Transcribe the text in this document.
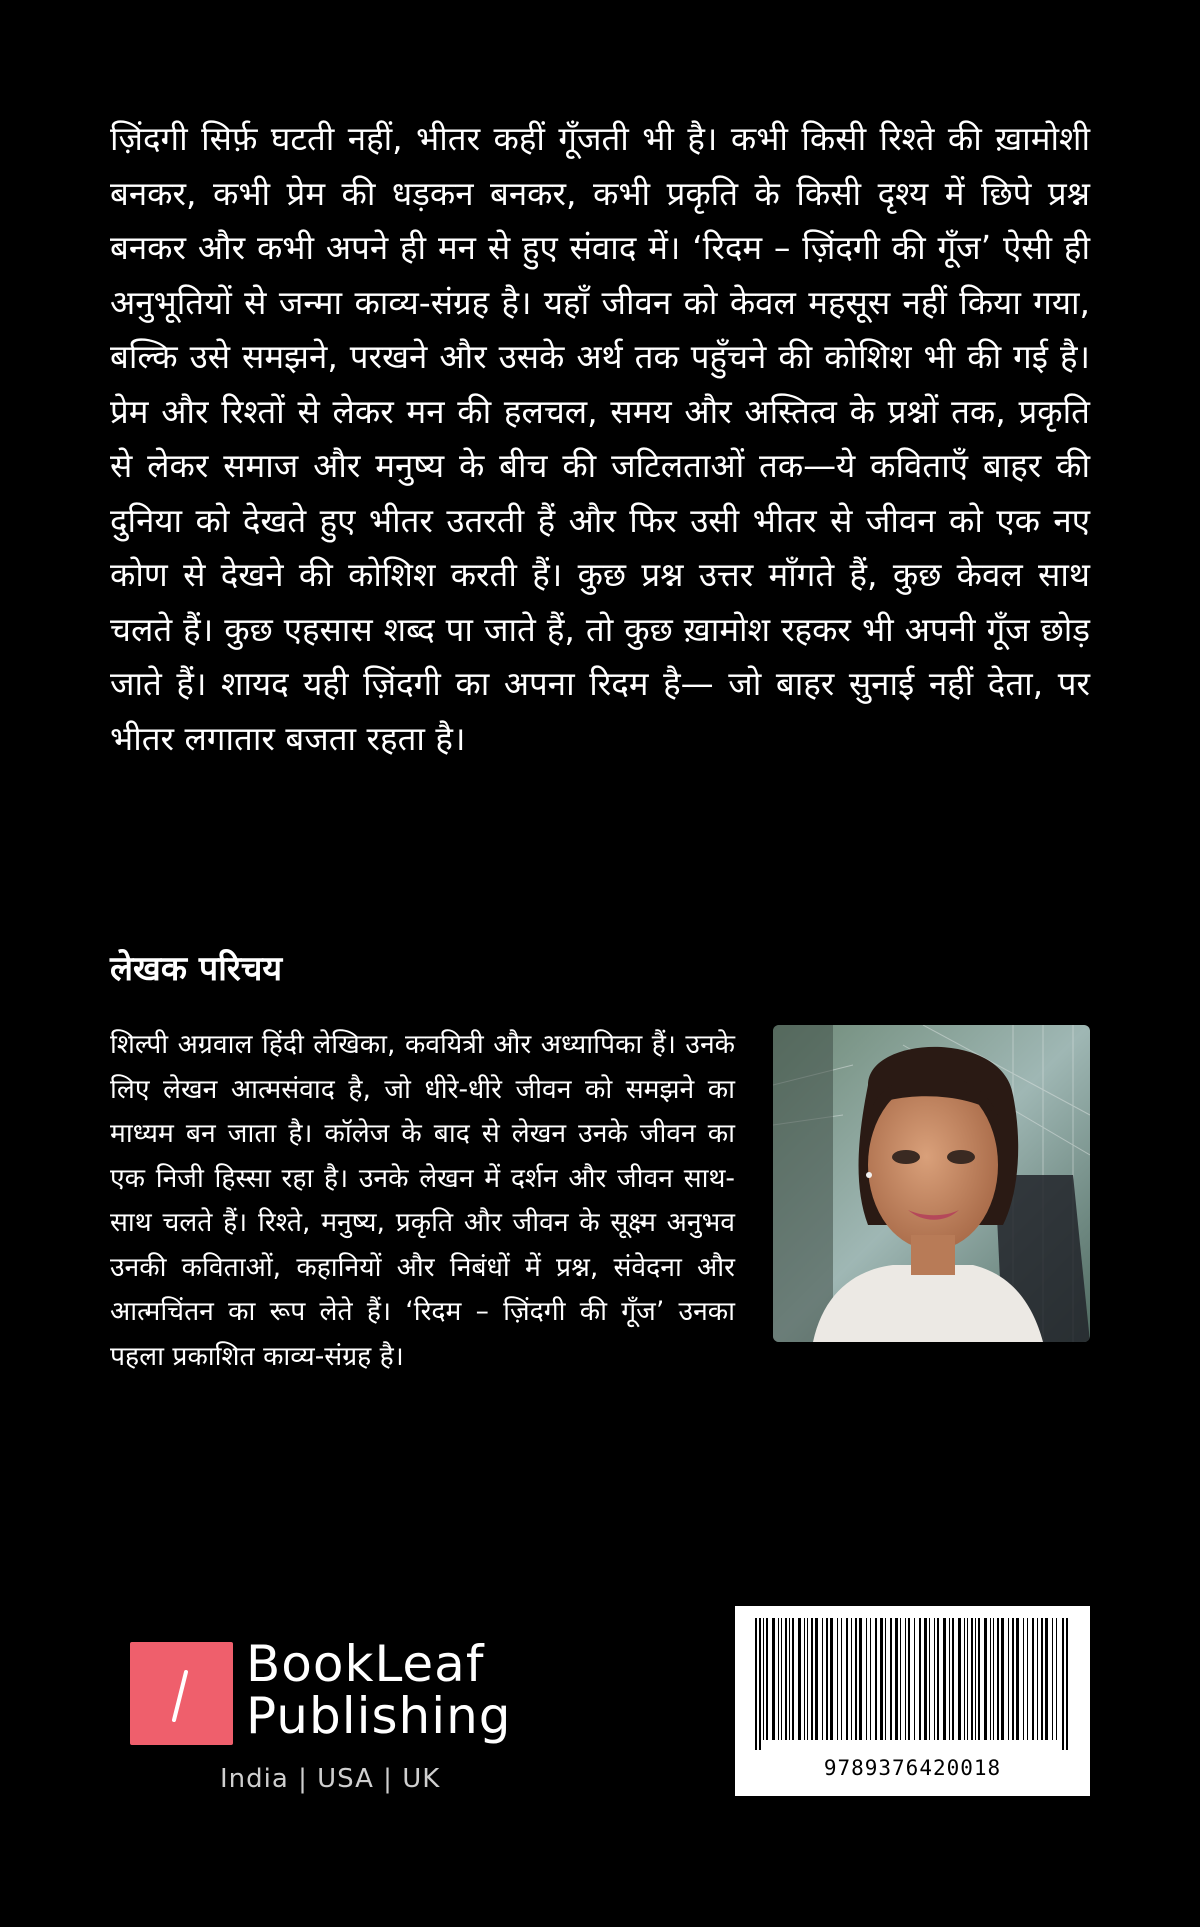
ज़िंदगी सिर्फ़ घटती नहीं, भीतर कहीं गूँजती भी है। कभी किसी रिश्ते की ख़ामोशी बनकर, कभी प्रेम की धड़कन बनकर, कभी प्रकृति के किसी दृश्य में छिपे प्रश्न बनकर और कभी अपने ही मन से हुए संवाद में। ‘रिदम – ज़िंदगी की गूँज’ ऐसी ही अनुभूतियों से जन्मा काव्य-संग्रह है। यहाँ जीवन को केवल महसूस नहीं किया गया, बल्कि उसे समझने, परखने और उसके अर्थ तक पहुँचने की कोशिश भी की गई है। प्रेम और रिश्तों से लेकर मन की हलचल, समय और अस्तित्व के प्रश्नों तक, प्रकृति से लेकर समाज और मनुष्य के बीच की जटिलताओं तक—ये कविताएँ बाहर की दुनिया को देखते हुए भीतर उतरती हैं और फिर उसी भीतर से जीवन को एक नए कोण से देखने की कोशिश करती हैं। कुछ प्रश्न उत्तर माँगते हैं, कुछ केवल साथ चलते हैं। कुछ एहसास शब्द पा जाते हैं, तो कुछ ख़ामोश रहकर भी अपनी गूँज छोड़ जाते हैं। शायद यही ज़िंदगी का अपना रिदम है— जो बाहर सुनाई नहीं देता, पर भीतर लगातार बजता रहता है।

लेखक परिचय

शिल्पी अग्रवाल हिंदी लेखिका, कवयित्री और अध्यापिका हैं। उनके लिए लेखन आत्मसंवाद है, जो धीरे-धीरे जीवन को समझने का माध्यम बन जाता है। कॉलेज के बाद से लेखन उनके जीवन का एक निजी हिस्सा रहा है। उनके लेखन में दर्शन और जीवन साथ-साथ चलते हैं। रिश्ते, मनुष्य, प्रकृति और जीवन के सूक्ष्म अनुभव उनकी कविताओं, कहानियों और निबंधों में प्रश्न, संवेदना और आत्मचिंतन का रूप लेते हैं। ‘रिदम – ज़िंदगी की गूँज’ उनका पहला प्रकाशित काव्य-संग्रह है।

BookLeaf
Publishing
India | USA | UK	9789376420018
